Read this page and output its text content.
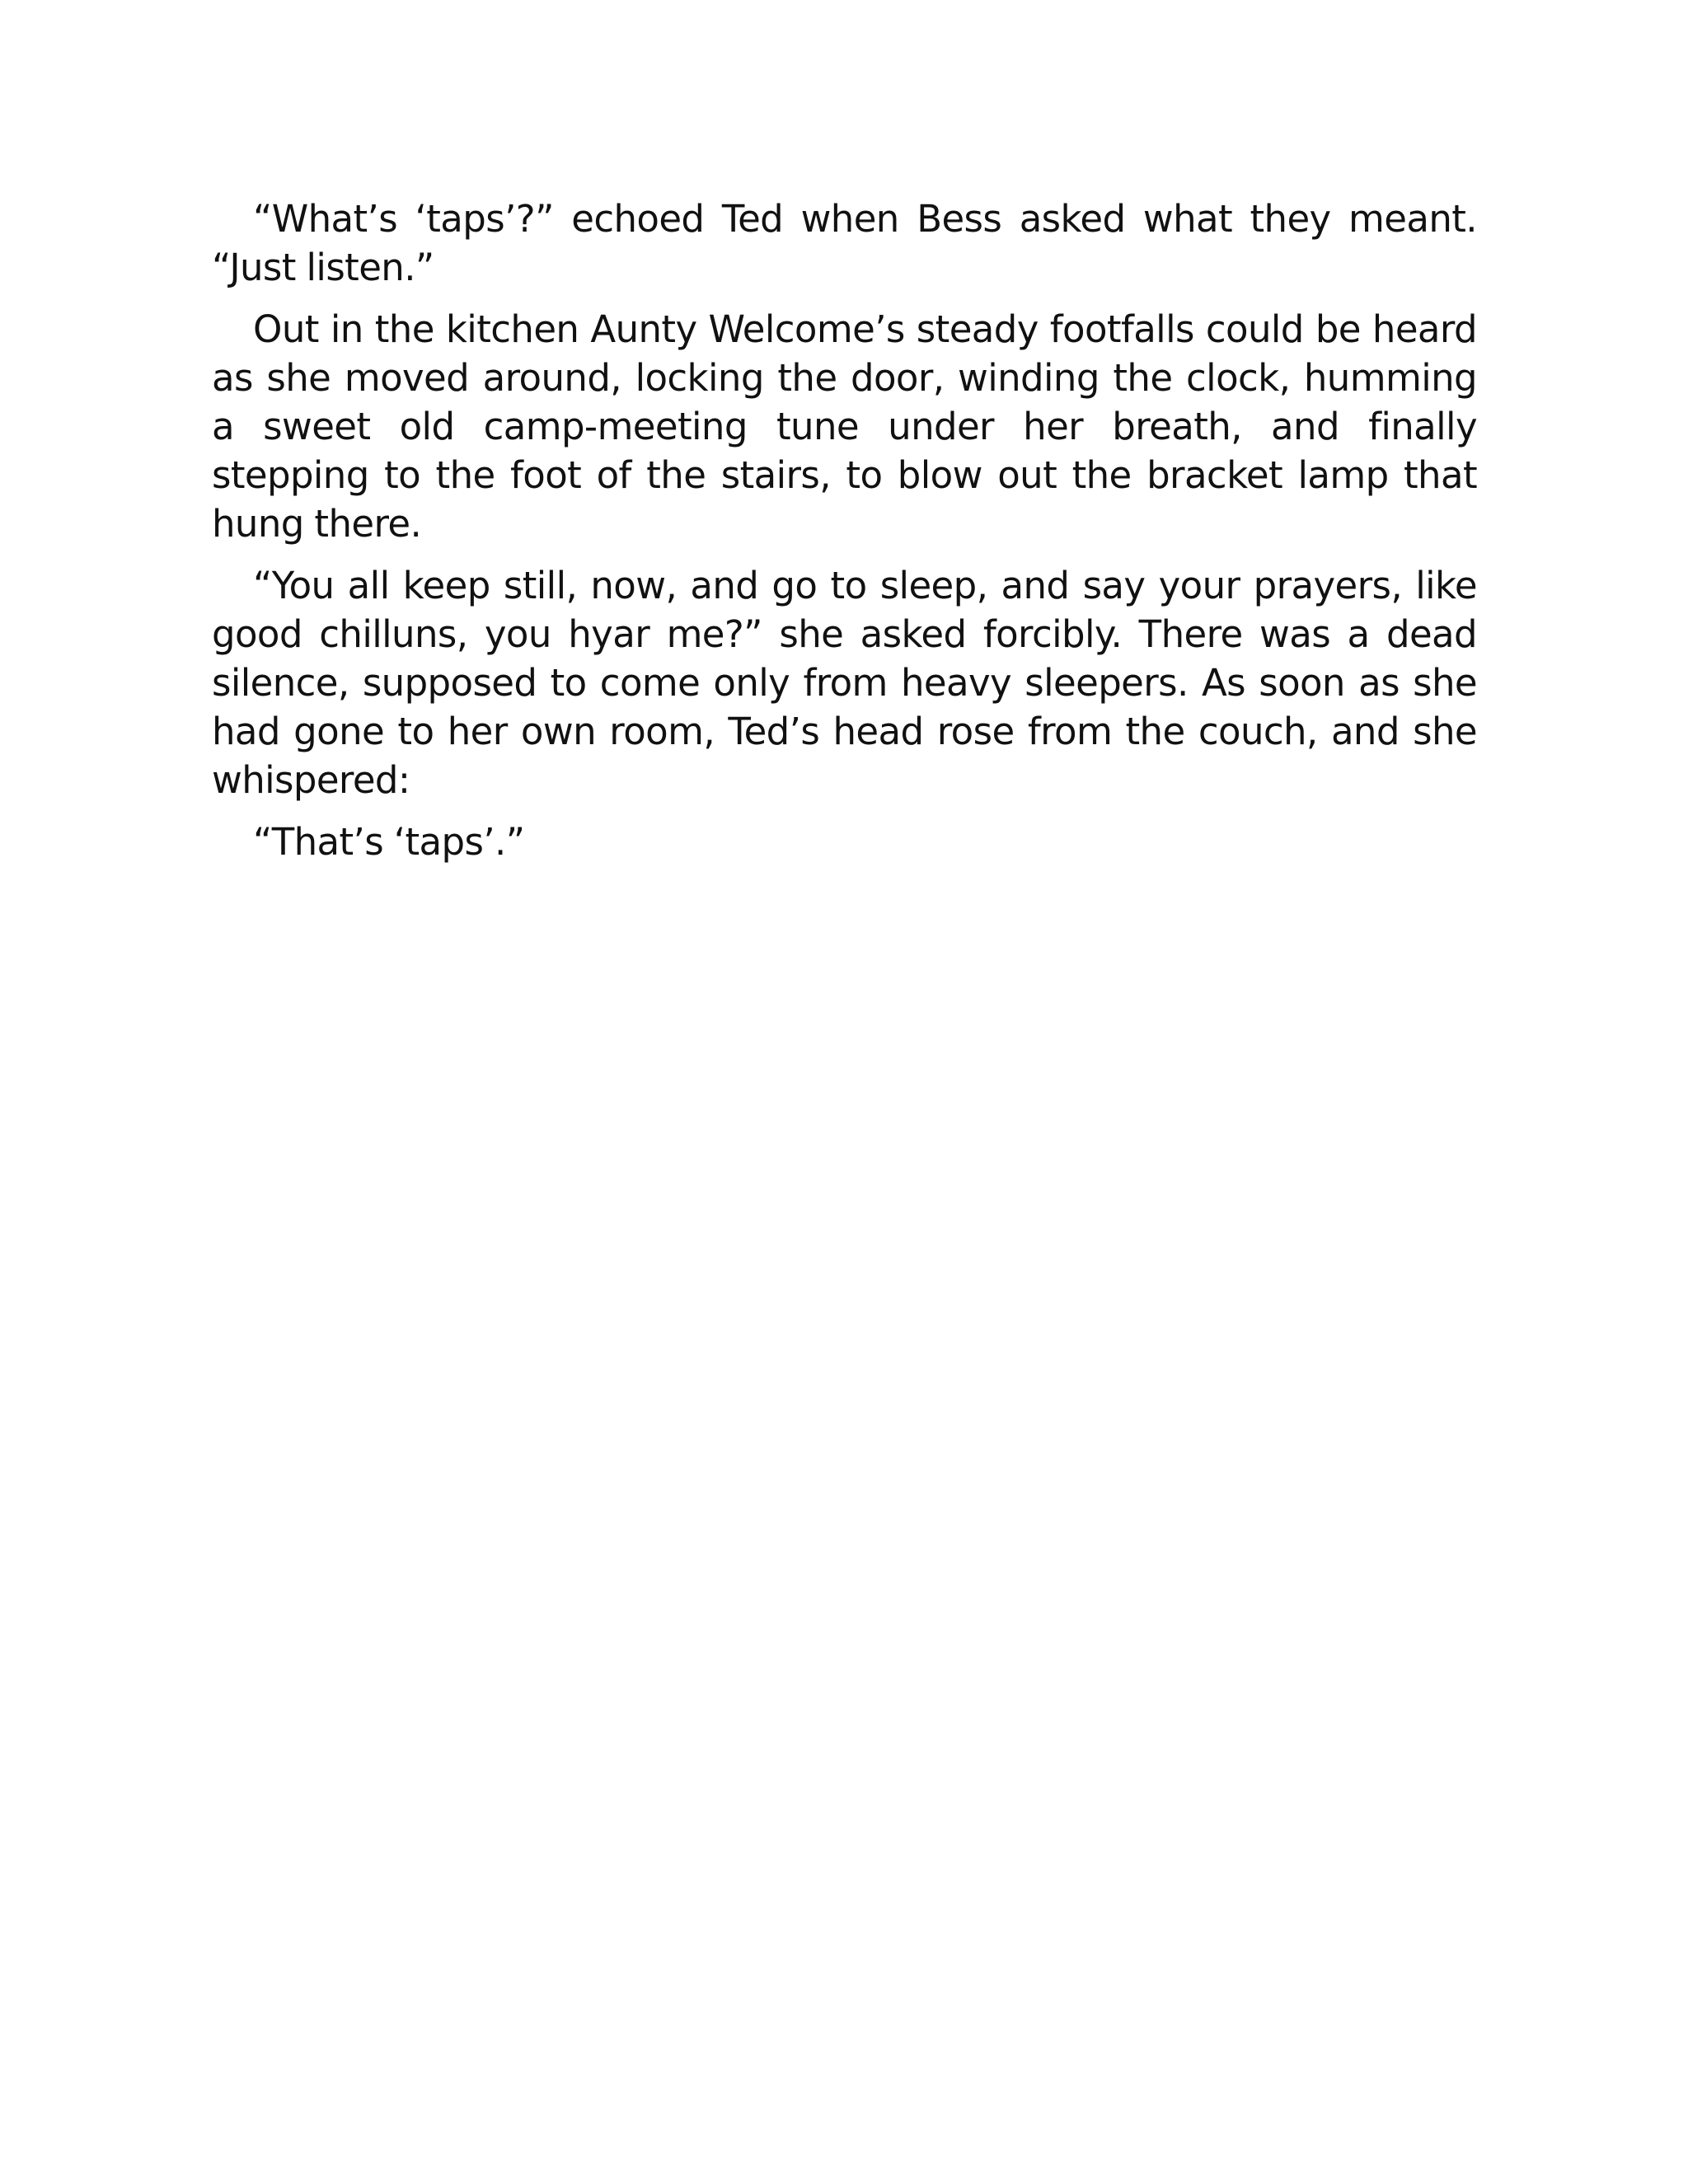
“What’s ‘taps’?” echoed Ted when Bess asked what they meant. “Just listen.”

Out in the kitchen Aunty Welcome’s steady footfalls could be heard as she moved around, locking the door, winding the clock, humming a sweet old camp-meeting tune under her breath, and finally stepping to the foot of the stairs, to blow out the bracket lamp that hung there.

“You all keep still, now, and go to sleep, and say your prayers, like good chilluns, you hyar me?” she asked forcibly. There was a dead silence, supposed to come only from heavy sleepers. As soon as she had gone to her own room, Ted’s head rose from the couch, and she whispered:

“That’s ‘taps’.”
